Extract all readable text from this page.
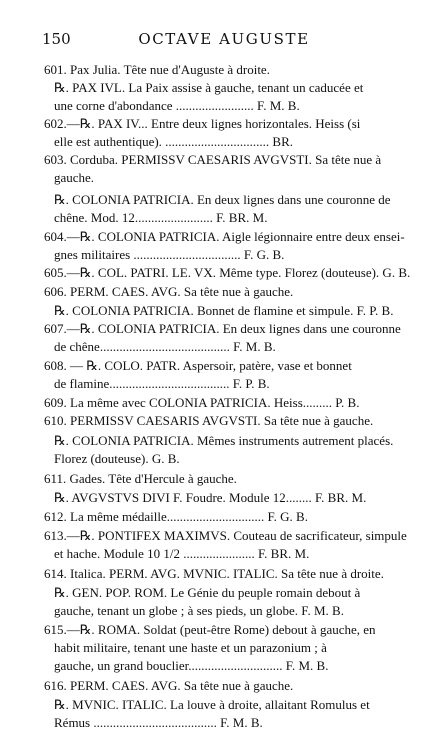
150	OCTAVE AUGUSTE
601. Pax Julia. Tête nue d'Auguste à droite.
℞. PAX IVL. La Paix assise à gauche, tenant un caducée et
une corne d'abondance ........................ F. M. B.
602.—℞. PAX IV... Entre deux lignes horizontales. Heiss (si
elle est authentique). ................................ BR.
603. Corduba. PERMISSV CAESARIS AVGVSTI. Sa tête nue à
gauche.
℞. COLONIA PATRICIA. En deux lignes dans une couronne de
chêne. Mod. 12........................ F. BR. M.
604.—℞. COLONIA PATRICIA. Aigle légionnaire entre deux ensei-
gnes militaires ................................. F. G. B.
605.—℞. COL. PATRI. LE. VX. Même type. Florez (douteuse). G. B.
606. PERM. CAES. AVG. Sa tête nue à gauche.
℞. COLONIA PATRICIA. Bonnet de flamine et simpule. F. P. B.
607.—℞. COLONIA PATRICIA. En deux lignes dans une couronne
de chêne........................................ F. M. B.
608. — ℞. COLO. PATR. Aspersoir, patère, vase et bonnet
de flamine..................................... F. P. B.
609. La même avec COLONIA PATRICIA. Heiss......... P. B.
610. PERMISSV CAESARIS AVGVSTI. Sa tête nue à gauche.
℞. COLONIA PATRICIA. Mêmes instruments autrement placés.
Florez (douteuse). G. B.
611. Gades. Tête d'Hercule à gauche.
℞. AVGVSTVS DIVI F. Foudre. Module 12........ F. BR. M.
612. La même médaille.............................. F. G. B.
613.—℞. PONTIFEX MAXIMVS. Couteau de sacrificateur, simpule
et hache. Module 10 1/2 ...................... F. BR. M.
614. Italica. PERM. AVG. MVNIC. ITALIC. Sa tête nue à droite.
℞. GEN. POP. ROM. Le Génie du peuple romain debout à
gauche, tenant un globe ; à ses pieds, un globe. F. M. B.
615.—℞. ROMA. Soldat (peut-être Rome) debout à gauche, en
habit militaire, tenant une haste et un parazonium ; à
gauche, un grand bouclier............................. F. M. B.
616. PERM. CAES. AVG. Sa tête nue à gauche.
℞. MVNIC. ITALIC. La louve à droite, allaitant Romulus et
Rémus ...................................... F. M. B.
